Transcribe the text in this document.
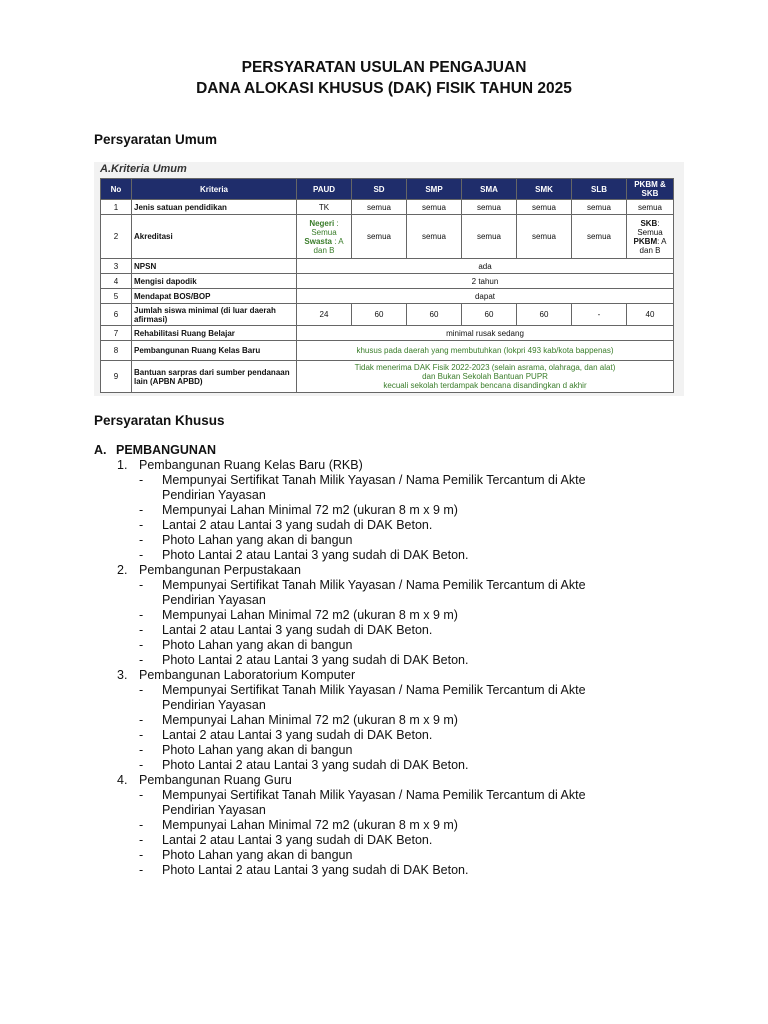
PERSYARATAN USULAN PENGAJUAN
DANA ALOKASI KHUSUS (DAK) FISIK TAHUN 2025
Persyaratan Umum
A.Kriteria Umum
No	Kriteria	PAUD	SD	SMP	SMA	SMK	SLB	PKBM & SKB
1	Jenis satuan pendidikan	TK	semua	semua	semua	semua	semua	semua
2	Akreditasi	Negeri : Semua Swasta : A dan B	semua	semua	semua	semua	semua	SKB: Semua PKBM: A dan B
3	NPSN	ada						
4	Mengisi dapodik	2 tahun						
5	Mendapat BOS/BOP	dapat						
6	Jumlah siswa minimal (di luar daerah afirmasi)	24	60	60	60	60	-	40
7	Rehabilitasi Ruang Belajar	minimal rusak sedang						
8	Pembangunan Ruang Kelas Baru	khusus pada daerah yang membutuhkan (lokpri 493 kab/kota bappenas)						
9	Bantuan sarpras dari sumber pendanaan lain (APBN APBD)	Tidak menerima DAK Fisik 2022-2023 (selain asrama, olahraga, dan alat)
dan Bukan Sekolah Bantuan PUPR
kecuali sekolah terdampak bencana disandingkan d akhir						
Persyaratan Khusus
A. PEMBANGUNAN
1. Pembangunan Ruang Kelas Baru (RKB)
- Mempunyai Sertifikat Tanah Milik Yayasan / Nama Pemilik Tercantum di Akte
Pendirian Yayasan
- Mempunyai Lahan Minimal 72 m2 (ukuran 8 m x 9 m)
- Lantai 2 atau Lantai 3 yang sudah di DAK Beton.
- Photo Lahan yang akan di bangun
- Photo Lantai 2 atau Lantai 3 yang sudah di DAK Beton.
2. Pembangunan Perpustakaan
- Mempunyai Sertifikat Tanah Milik Yayasan / Nama Pemilik Tercantum di Akte
Pendirian Yayasan
- Mempunyai Lahan Minimal 72 m2 (ukuran 8 m x 9 m)
- Lantai 2 atau Lantai 3 yang sudah di DAK Beton.
- Photo Lahan yang akan di bangun
- Photo Lantai 2 atau Lantai 3 yang sudah di DAK Beton.
3. Pembangunan Laboratorium Komputer
- Mempunyai Sertifikat Tanah Milik Yayasan / Nama Pemilik Tercantum di Akte
Pendirian Yayasan
- Mempunyai Lahan Minimal 72 m2 (ukuran 8 m x 9 m)
- Lantai 2 atau Lantai 3 yang sudah di DAK Beton.
- Photo Lahan yang akan di bangun
- Photo Lantai 2 atau Lantai 3 yang sudah di DAK Beton.
4. Pembangunan Ruang Guru
- Mempunyai Sertifikat Tanah Milik Yayasan / Nama Pemilik Tercantum di Akte
Pendirian Yayasan
- Mempunyai Lahan Minimal 72 m2 (ukuran 8 m x 9 m)
- Lantai 2 atau Lantai 3 yang sudah di DAK Beton.
- Photo Lahan yang akan di bangun
- Photo Lantai 2 atau Lantai 3 yang sudah di DAK Beton.
